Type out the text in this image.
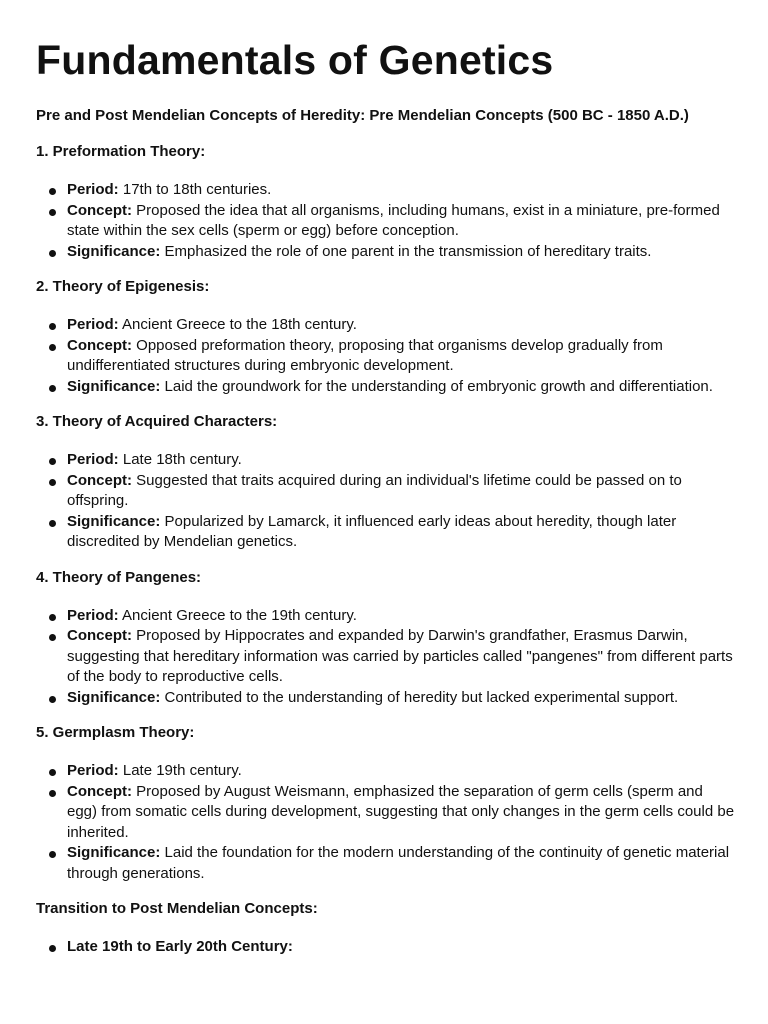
Fundamentals of Genetics
Pre and Post Mendelian Concepts of Heredity: Pre Mendelian Concepts (500 BC - 1850 A.D.)
1. Preformation Theory:
Period: 17th to 18th centuries.
Concept: Proposed the idea that all organisms, including humans, exist in a miniature, pre-formed state within the sex cells (sperm or egg) before conception.
Significance: Emphasized the role of one parent in the transmission of hereditary traits.
2. Theory of Epigenesis:
Period: Ancient Greece to the 18th century.
Concept: Opposed preformation theory, proposing that organisms develop gradually from undifferentiated structures during embryonic development.
Significance: Laid the groundwork for the understanding of embryonic growth and differentiation.
3. Theory of Acquired Characters:
Period: Late 18th century.
Concept: Suggested that traits acquired during an individual's lifetime could be passed on to offspring.
Significance: Popularized by Lamarck, it influenced early ideas about heredity, though later discredited by Mendelian genetics.
4. Theory of Pangenes:
Period: Ancient Greece to the 19th century.
Concept: Proposed by Hippocrates and expanded by Darwin's grandfather, Erasmus Darwin, suggesting that hereditary information was carried by particles called "pangenes" from different parts of the body to reproductive cells.
Significance: Contributed to the understanding of heredity but lacked experimental support.
5. Germplasm Theory:
Period: Late 19th century.
Concept: Proposed by August Weismann, emphasized the separation of germ cells (sperm and egg) from somatic cells during development, suggesting that only changes in the germ cells could be inherited.
Significance: Laid the foundation for the modern understanding of the continuity of genetic material through generations.
Transition to Post Mendelian Concepts:
Late 19th to Early 20th Century:
